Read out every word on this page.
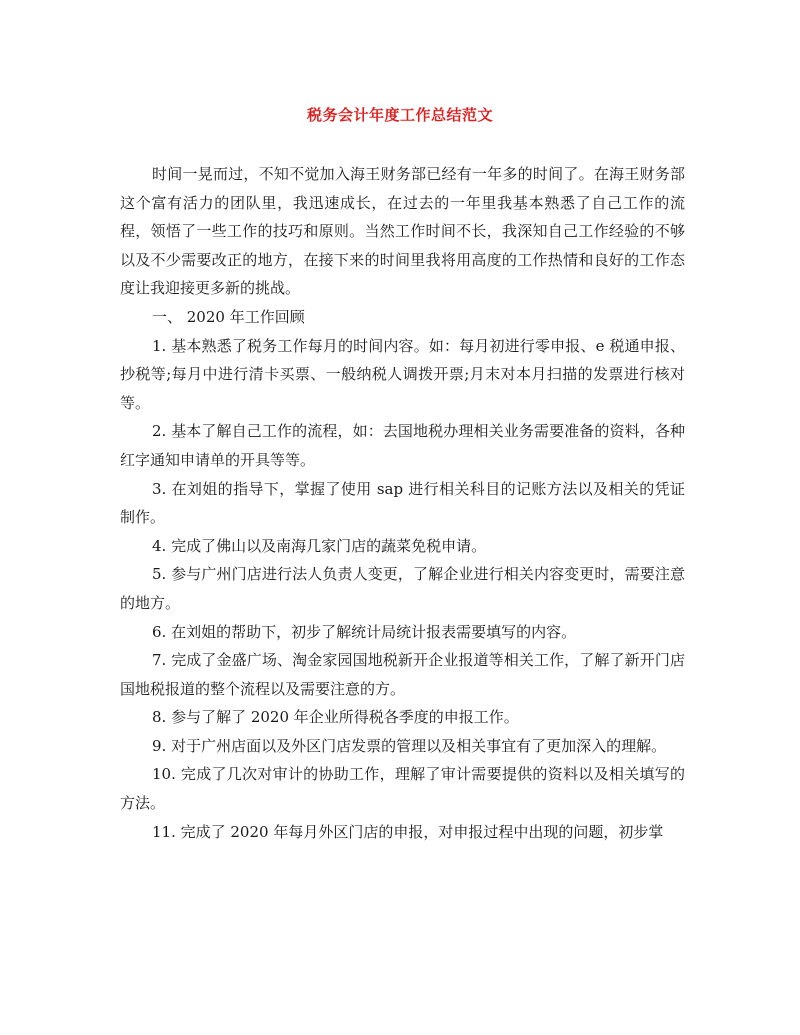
税务会计年度工作总结范文

时间一晃而过，不知不觉加入海王财务部已经有一年多的时间了。在海王财务部这个富有活力的团队里，我迅速成长，在过去的一年里我基本熟悉了自己工作的流程，领悟了一些工作的技巧和原则。当然工作时间不长，我深知自己工作经验的不够以及不少需要改正的地方，在接下来的时间里我将用高度的工作热情和良好的工作态度让我迎接更多新的挑战。

一、 2020 年工作回顾

1. 基本熟悉了税务工作每月的时间内容。如：每月初进行零申报、e 税通申报、抄税等;每月中进行清卡买票、一般纳税人调拨开票;月末对本月扫描的发票进行核对等。

2. 基本了解自己工作的流程，如：去国地税办理相关业务需要准备的资料，各种红字通知申请单的开具等等。

3. 在刘姐的指导下，掌握了使用 sap 进行相关科目的记账方法以及相关的凭证制作。

4. 完成了佛山以及南海几家门店的蔬菜免税申请。

5. 参与广州门店进行法人负责人变更，了解企业进行相关内容变更时，需要注意的地方。

6. 在刘姐的帮助下，初步了解统计局统计报表需要填写的内容。

7. 完成了金盛广场、淘金家园国地税新开企业报道等相关工作，了解了新开门店国地税报道的整个流程以及需要注意的方。

8. 参与了解了 2020 年企业所得税各季度的申报工作。

9. 对于广州店面以及外区门店发票的管理以及相关事宜有了更加深入的理解。

10. 完成了几次对审计的协助工作，理解了审计需要提供的资料以及相关填写的方法。

11. 完成了 2020 年每月外区门店的申报，对申报过程中出现的问题，初步掌
